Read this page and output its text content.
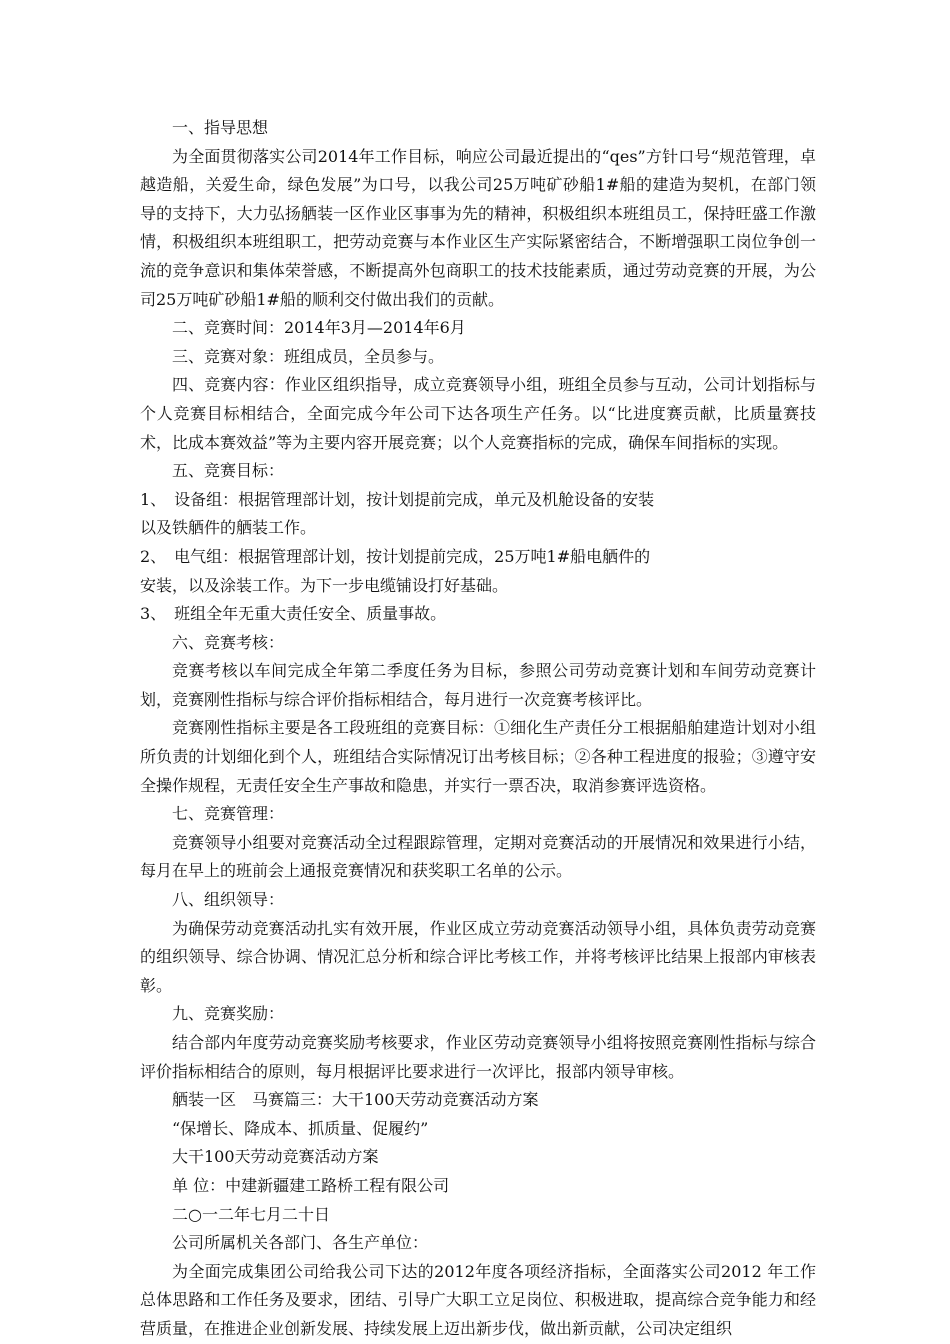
一、指导思想

为全面贯彻落实公司2014年工作目标，响应公司最近提出的“qes”方针口号“规范管理，卓越造船，关爱生命，绿色发展”为口号，以我公司25万吨矿砂船1#船的建造为契机，在部门领导的支持下，大力弘扬舾装一区作业区事事为先的精神，积极组织本班组员工，保持旺盛工作激情，积极组织本班组职工，把劳动竞赛与本作业区生产实际紧密结合，不断增强职工岗位争创一流的竞争意识和集体荣誉感，不断提高外包商职工的技术技能素质，通过劳动竞赛的开展，为公司25万吨矿砂船1#船的顺利交付做出我们的贡献。

二、竞赛时间：2014年3月—2014年6月

三、竞赛对象：班组成员，全员参与。

四、竞赛内容：作业区组织指导，成立竞赛领导小组，班组全员参与互动，公司计划指标与个人竞赛目标相结合，全面完成今年公司下达各项生产任务。以“比进度赛贡献，比质量赛技术，比成本赛效益”等为主要内容开展竞赛；以个人竞赛指标的完成，确保车间指标的实现。

五、竞赛目标：

1、　设备组：根据管理部计划，按计划提前完成，单元及机舱设备的安装

以及铁舾件的舾装工作。

2、　电气组：根据管理部计划，按计划提前完成，25万吨1#船电舾件的

安装，以及涂装工作。为下一步电缆铺设打好基础。

3、　班组全年无重大责任安全、质量事故。

六、竞赛考核：

竞赛考核以车间完成全年第二季度任务为目标，参照公司劳动竞赛计划和车间劳动竞赛计划，竞赛刚性指标与综合评价指标相结合，每月进行一次竞赛考核评比。

竞赛刚性指标主要是各工段班组的竞赛目标：①细化生产责任分工根据船舶建造计划对小组所负责的计划细化到个人，班组结合实际情况订出考核目标；②各种工程进度的报验；③遵守安全操作规程，无责任安全生产事故和隐患，并实行一票否决，取消参赛评选资格。

七、竞赛管理：

竞赛领导小组要对竞赛活动全过程跟踪管理，定期对竞赛活动的开展情况和效果进行小结，每月在早上的班前会上通报竞赛情况和获奖职工名单的公示。

八、组织领导：

为确保劳动竞赛活动扎实有效开展，作业区成立劳动竞赛活动领导小组，具体负责劳动竞赛的组织领导、综合协调、情况汇总分析和综合评比考核工作，并将考核评比结果上报部内审核表彰。

九、竞赛奖励：

结合部内年度劳动竞赛奖励考核要求，作业区劳动竞赛领导小组将按照竞赛刚性指标与综合评价指标相结合的原则，每月根据评比要求进行一次评比，报部内领导审核。

舾装一区　马赛篇三：大干100天劳动竞赛活动方案

“保增长、降成本、抓质量、促履约”

大干100天劳动竞赛活动方案

单 位：中建新疆建工路桥工程有限公司

二○一二年七月二十日

公司所属机关各部门、各生产单位：

为全面完成集团公司给我公司下达的2012年度各项经济指标，全面落实公司2012 年工作总体思路和工作任务及要求，团结、引导广大职工立足岗位、积极进取，提高综合竞争能力和经营质量，在推进企业创新发展、持续发展上迈出新步伐，做出新贡献，公司决定组织
